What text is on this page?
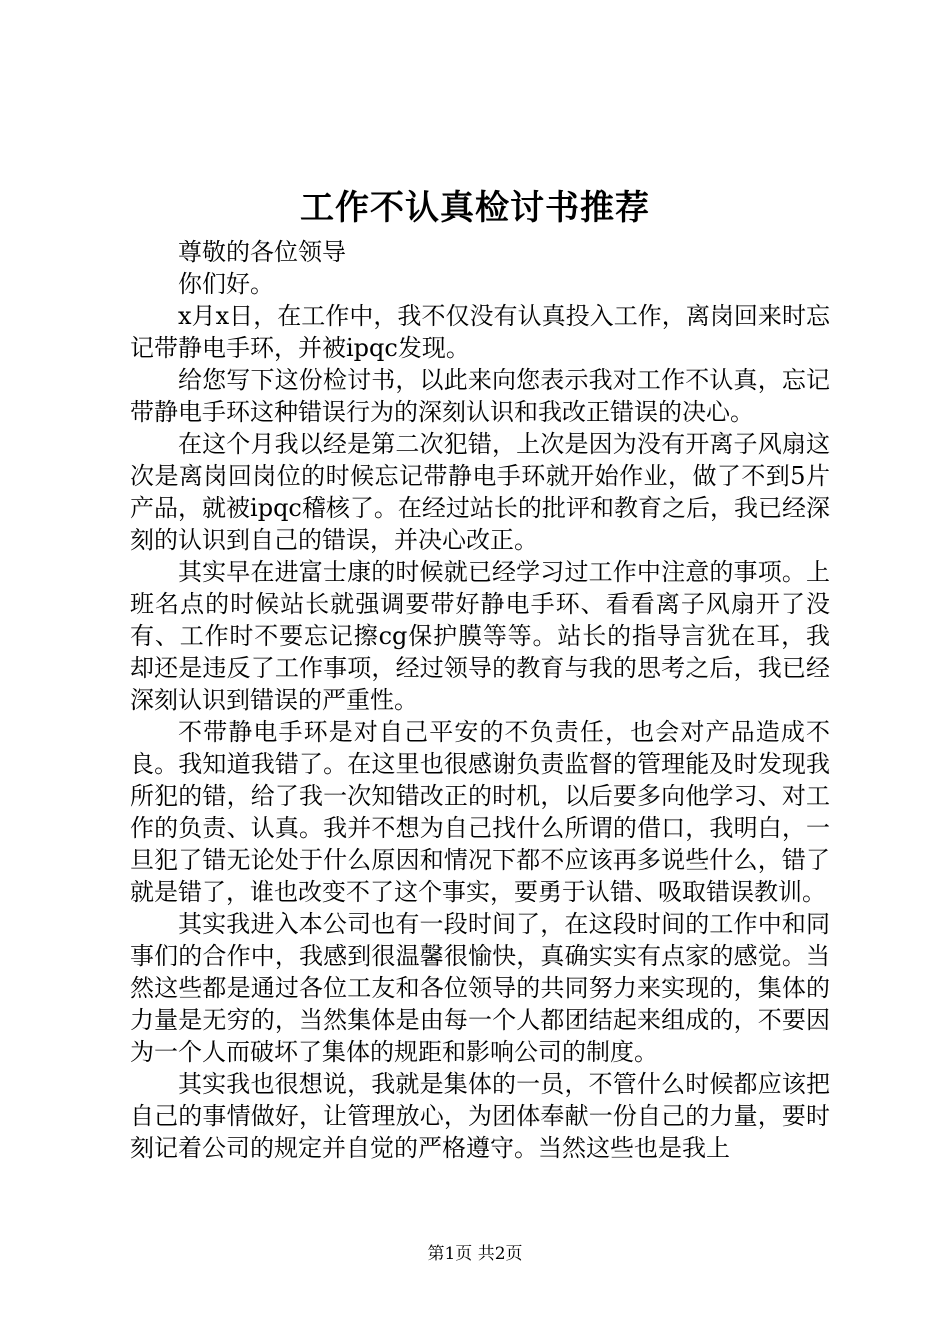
工作不认真检讨书推荐

尊敬的各位领导

你们好。

x月x日，在工作中，我不仅没有认真投入工作，离岗回来时忘记带静电手环，并被ipqc发现。

给您写下这份检讨书，以此来向您表示我对工作不认真，忘记带静电手环这种错误行为的深刻认识和我改正错误的决心。

在这个月我以经是第二次犯错，上次是因为没有开离子风扇这次是离岗回岗位的时候忘记带静电手环就开始作业，做了不到5片产品，就被ipqc稽核了。在经过站长的批评和教育之后，我已经深刻的认识到自己的错误，并决心改正。

其实早在进富士康的时候就已经学习过工作中注意的事项。上班名点的时候站长就强调要带好静电手环、看看离子风扇开了没有、工作时不要忘记擦cg保护膜等等。站长的指导言犹在耳，我却还是违反了工作事项，经过领导的教育与我的思考之后，我已经深刻认识到错误的严重性。

不带静电手环是对自己平安的不负责任，也会对产品造成不良。我知道我错了。在这里也很感谢负责监督的管理能及时发现我所犯的错，给了我一次知错改正的时机，以后要多向他学习、对工作的负责、认真。我并不想为自己找什么所谓的借口，我明白，一旦犯了错无论处于什么原因和情况下都不应该再多说些什么，错了就是错了，谁也改变不了这个事实，要勇于认错、吸取错误教训。

其实我进入本公司也有一段时间了，在这段时间的工作中和同事们的合作中，我感到很温馨很愉快，真确实实有点家的感觉。当然这些都是通过各位工友和各位领导的共同努力来实现的，集体的力量是无穷的，当然集体是由每一个人都团结起来组成的，不要因为一个人而破坏了集体的规距和影响公司的制度。

其实我也很想说，我就是集体的一员，不管什么时候都应该把自己的事情做好，让管理放心，为团体奉献一份自己的力量，要时刻记着公司的规定并自觉的严格遵守。当然这些也是我上

第1页 共2页
